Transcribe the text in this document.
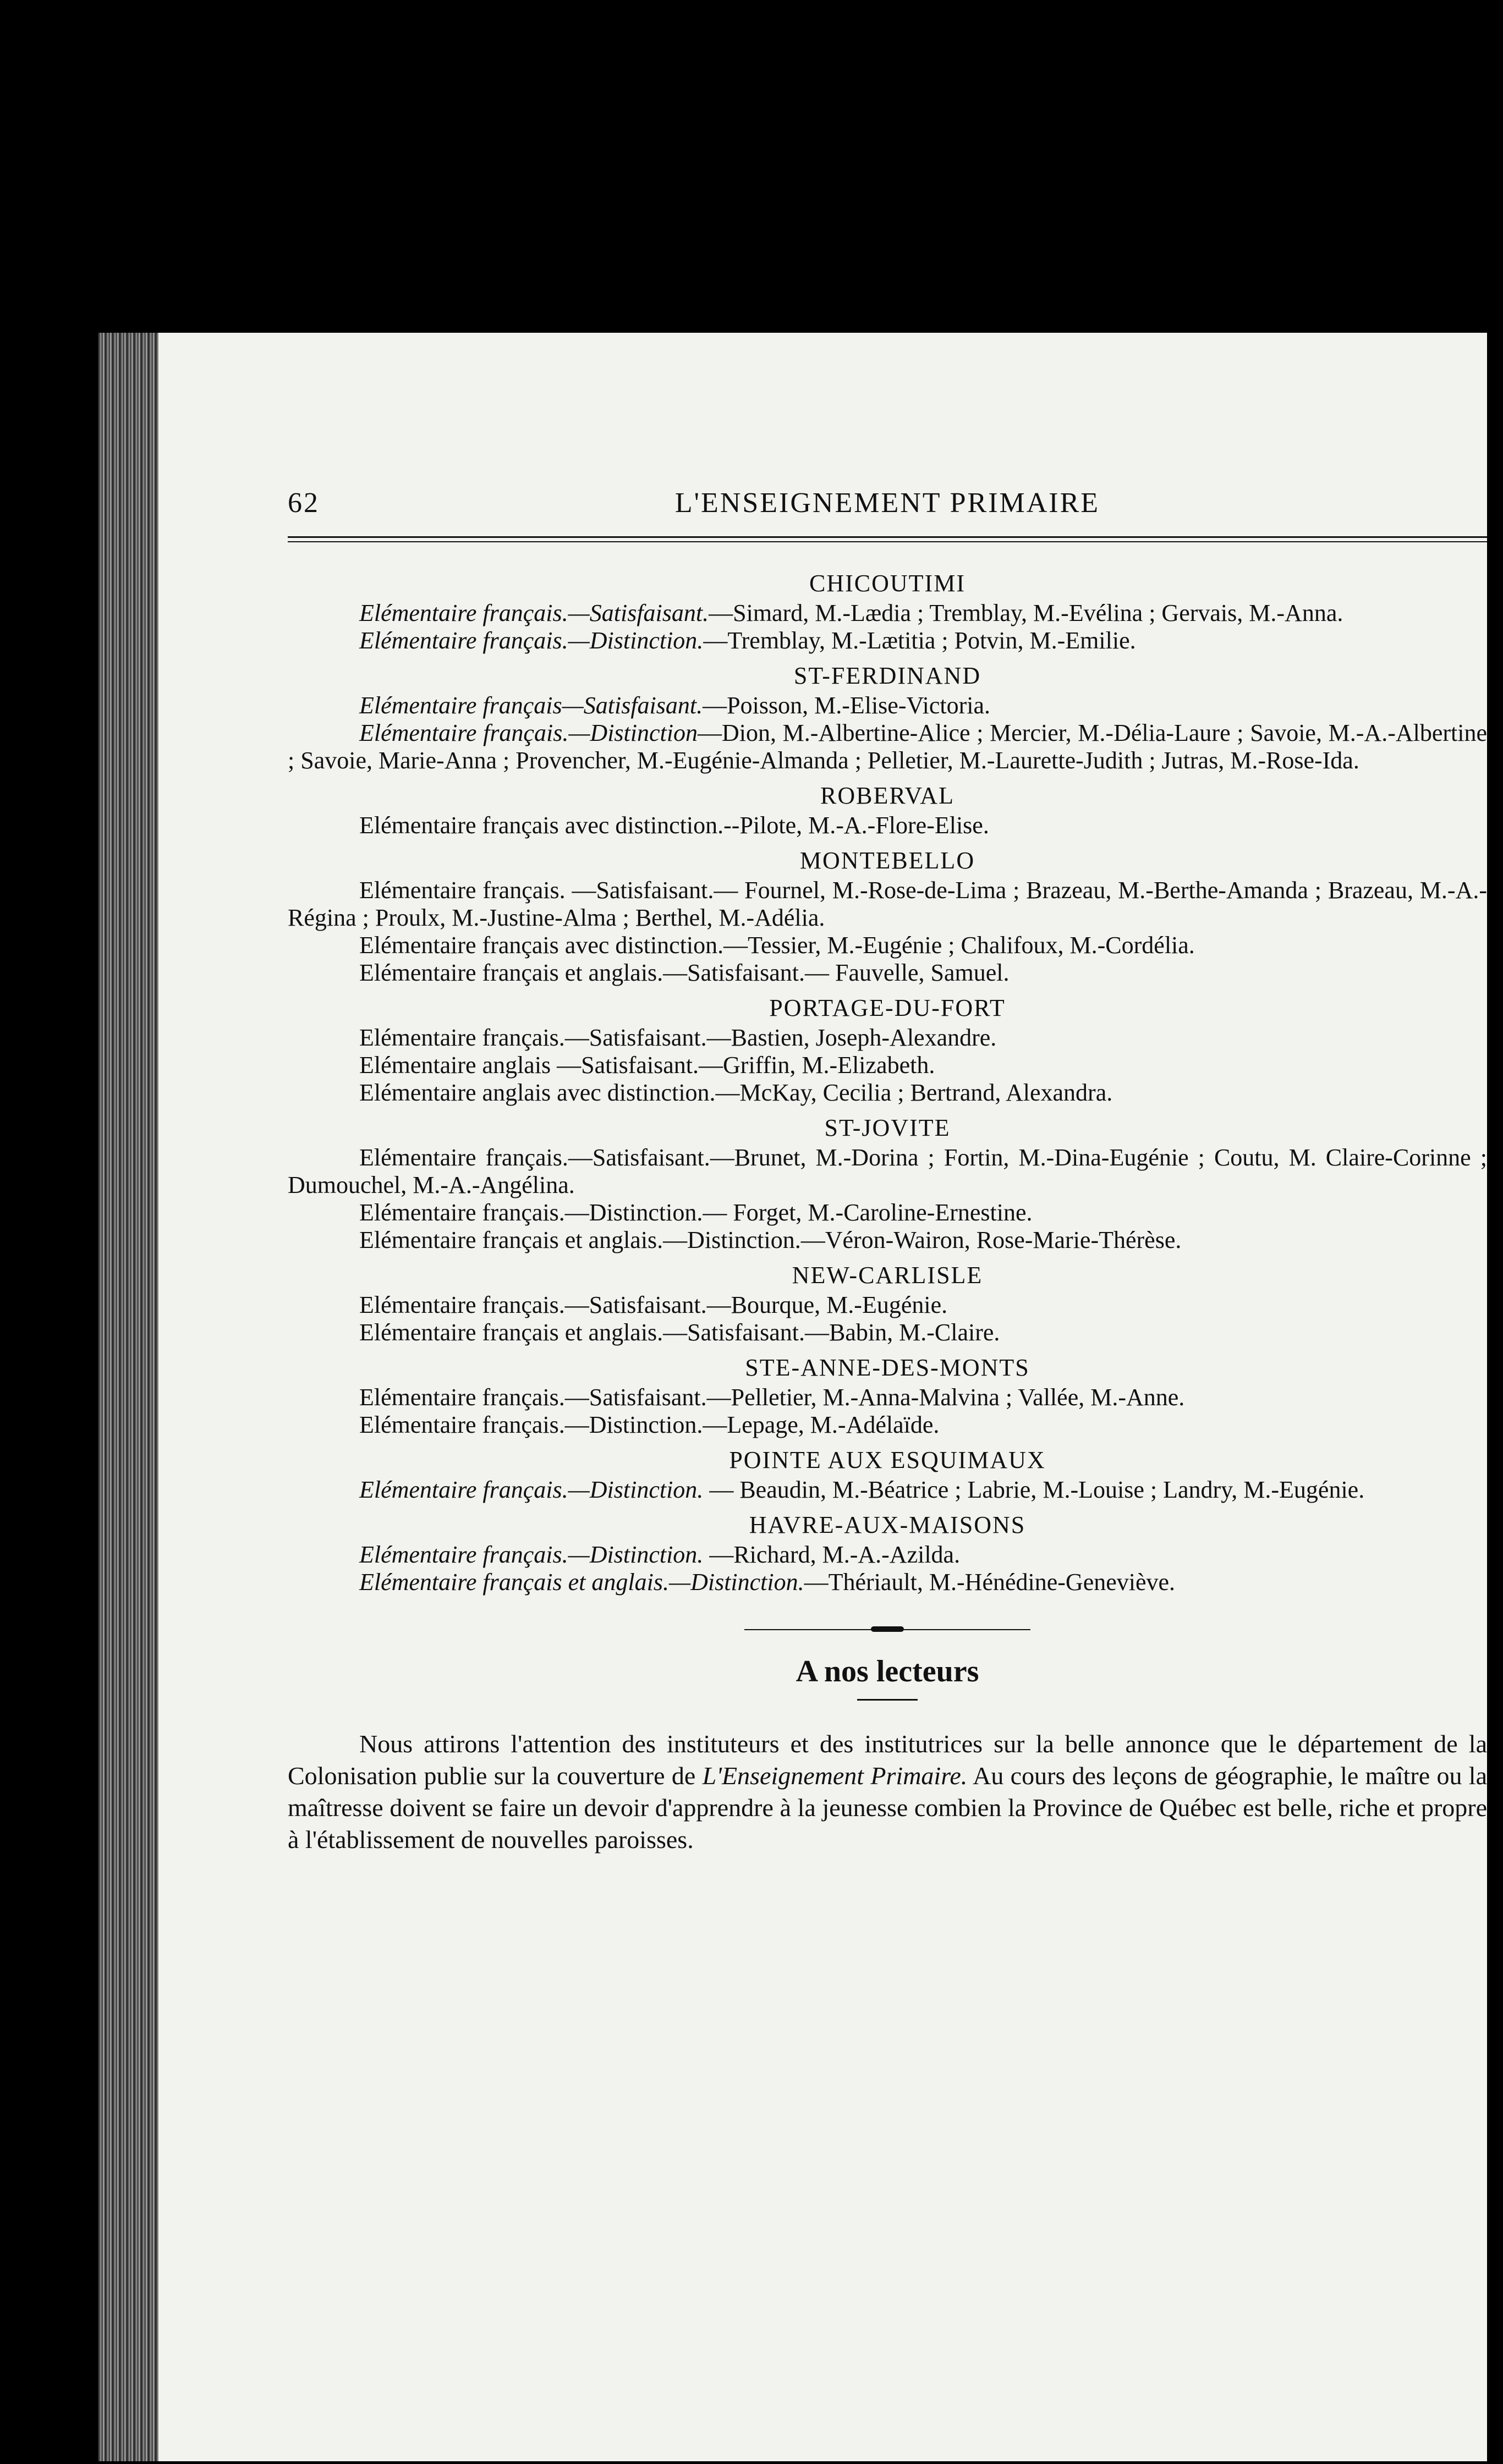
62	L'ENSEIGNEMENT PRIMAIRE
CHICOUTIMI

Elémentaire français.—Satisfaisant.—Simard, M.-Lædia ; Tremblay, M.-Evélina ; Gervais, M.-Anna.

Elémentaire français.—Distinction.—Tremblay, M.-Lætitia ; Potvin, M.-Emilie.

ST-FERDINAND

Elémentaire français—Satisfaisant.—Poisson, M.-Elise-Victoria.

Elémentaire français.—Distinction—Dion, M.-Albertine-Alice ; Mercier, M.-Délia-Laure ; Savoie, M.-A.-Albertine ; Savoie, Marie-Anna ; Provencher, M.-Eugénie-Almanda ; Pelletier, M.-Laurette-Judith ; Jutras, M.-Rose-Ida.

ROBERVAL

Elémentaire français avec distinction.--Pilote, M.-A.-Flore-Elise.

MONTEBELLO

Elémentaire français. —Satisfaisant.— Fournel, M.-Rose-de-Lima ; Brazeau, M.-Berthe-Amanda ; Brazeau, M.-A.-Régina ; Proulx, M.-Justine-Alma ; Berthel, M.-Adélia.

Elémentaire français avec distinction.—Tessier, M.-Eugénie ; Chalifoux, M.-Cordélia.

Elémentaire français et anglais.—Satisfaisant.— Fauvelle, Samuel.

PORTAGE-DU-FORT

Elémentaire français.—Satisfaisant.—Bastien, Joseph-Alexandre.

Elémentaire anglais —Satisfaisant.—Griffin, M.-Elizabeth.

Elémentaire anglais avec distinction.—McKay, Cecilia ; Bertrand, Alexandra.

ST-JOVITE

Elémentaire français.—Satisfaisant.—Brunet, M.-Dorina ; Fortin, M.-Dina-Eugénie ; Coutu, M. Claire-Corinne ; Dumouchel, M.-A.-Angélina.

Elémentaire français.—Distinction.— Forget, M.-Caroline-Ernestine.

Elémentaire français et anglais.—Distinction.—Véron-Wairon, Rose-Marie-Thérèse.

NEW-CARLISLE

Elémentaire français.—Satisfaisant.—Bourque, M.-Eugénie.

Elémentaire français et anglais.—Satisfaisant.—Babin, M.-Claire.

STE-ANNE-DES-MONTS

Elémentaire français.—Satisfaisant.—Pelletier, M.-Anna-Malvina ; Vallée, M.-Anne.

Elémentaire français.—Distinction.—Lepage, M.-Adélaïde.

POINTE AUX ESQUIMAUX

Elémentaire français.—Distinction. — Beaudin, M.-Béatrice ; Labrie, M.-Louise ; Landry, M.-Eugénie.

HAVRE-AUX-MAISONS

Elémentaire français.—Distinction. —Richard, M.-A.-Azilda.

Elémentaire français et anglais.—Distinction.—Thériault, M.-Hénédine-Geneviève.

A nos lecteurs

Nous attirons l'attention des instituteurs et des institutrices sur la belle annonce que le département de la Colonisation publie sur la couverture de L'Enseignement Primaire. Au cours des leçons de géographie, le maître ou la maîtresse doivent se faire un devoir d'apprendre à la jeunesse combien la Province de Québec est belle, riche et propre à l'établissement de nouvelles paroisses.
